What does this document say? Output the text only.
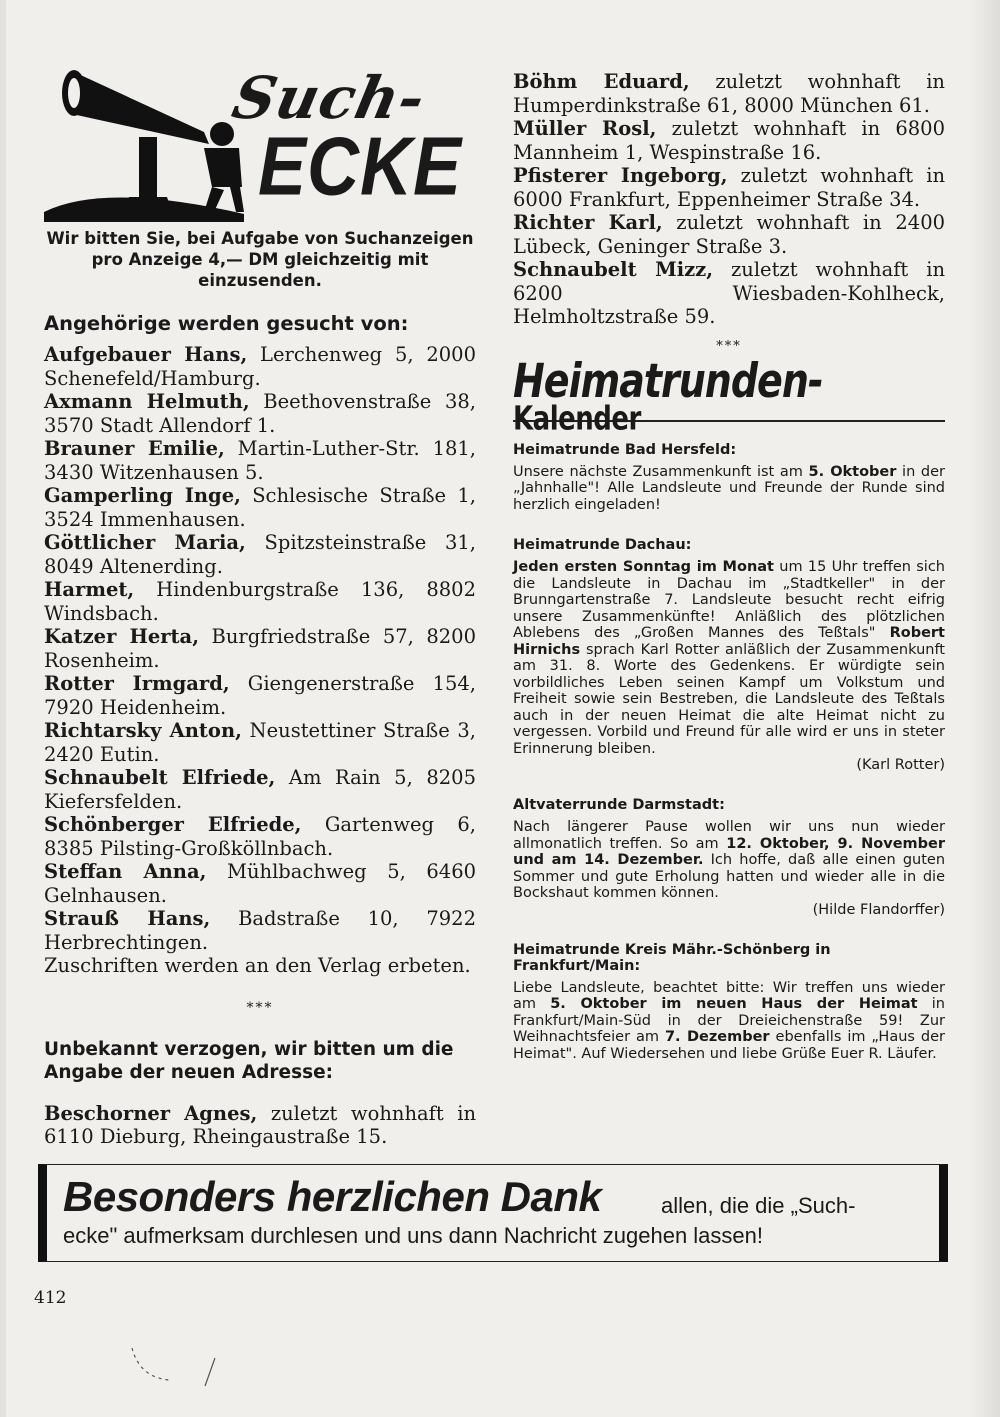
Such-
ECKE

Wir bitten Sie, bei Aufgabe von Suchanzeigen pro Anzeige 4,— DM gleichzeitig mit einzusenden.

Angehörige werden gesucht von:

Aufgebauer Hans, Lerchenweg 5, 2000 Schenefeld/Hamburg.

Axmann Helmuth, Beethovenstraße 38, 3570 Stadt Allendorf 1.

Brauner Emilie, Martin-Luther-Str. 181, 3430 Witzenhausen 5.

Gamperling Inge, Schlesische Straße 1, 3524 Immenhausen.

Göttlicher Maria, Spitzsteinstraße 31, 8049 Altenerding.

Harmet, Hindenburgstraße 136, 8802 Windsbach.

Katzer Herta, Burgfriedstraße 57, 8200 Rosenheim.

Rotter Irmgard, Giengenerstraße 154, 7920 Heidenheim.

Richtarsky Anton, Neustettiner Straße 3, 2420 Eutin.

Schnaubelt Elfriede, Am Rain 5, 8205 Kiefersfelden.

Schönberger Elfriede, Gartenweg 6, 8385 Pilsting-Großköllnbach.

Steffan Anna, Mühlbachweg 5, 6460 Gelnhausen.

Strauß Hans, Badstraße 10, 7922 Herbrechtingen.

Zuschriften werden an den Verlag erbeten.

***
Unbekannt verzogen, wir bitten um die Angabe der neuen Adresse:

Beschorner Agnes, zuletzt wohnhaft in 6110 Dieburg, Rheingaustraße 15.

Böhm Eduard, zuletzt wohnhaft in Humperdinkstraße 61, 8000 München 61.

Müller Rosl, zuletzt wohnhaft in 6800 Mannheim 1, Wespinstraße 16.

Pfisterer Ingeborg, zuletzt wohnhaft in 6000 Frankfurt, Eppenheimer Straße 34.

Richter Karl, zuletzt wohnhaft in 2400 Lübeck, Geninger Straße 3.

Schnaubelt Mizz, zuletzt wohnhaft in 6200 Wiesbaden-Kohlheck, Helmholtzstraße 59.

***
Heimatrunden-Kalender
Heimatrunde Bad Hersfeld:

Unsere nächste Zusammenkunft ist am 5. Oktober in der „Jahnhalle"! Alle Landsleute und Freunde der Runde sind herzlich eingeladen!

Heimatrunde Dachau:

Jeden ersten Sonntag im Monat um 15 Uhr treffen sich die Landsleute in Dachau im „Stadtkeller" in der Brunngartenstraße 7. Landsleute besucht recht eifrig unsere Zusammenkünfte! Anläßlich des plötzlichen Ablebens des „Großen Mannes des Teßtals" Robert Hirnichs sprach Karl Rotter anläßlich der Zusammenkunft am 31. 8. Worte des Gedenkens. Er würdigte sein vorbildliches Leben seinen Kampf um Volkstum und Freiheit sowie sein Bestreben, die Landsleute des Teßtals auch in der neuen Heimat die alte Heimat nicht zu vergessen. Vorbild und Freund für alle wird er uns in steter Erinnerung bleiben.

(Karl Rotter)

Altvaterrunde Darmstadt:

Nach längerer Pause wollen wir uns nun wieder allmonatlich treffen. So am 12. Oktober, 9. November und am 14. Dezember. Ich hoffe, daß alle einen guten Sommer und gute Erholung hatten und wieder alle in die Bockshaut kommen können.

(Hilde Flandorffer)

Heimatrunde Kreis Mähr.-Schönberg in Frankfurt/Main:

Liebe Landsleute, beachtet bitte: Wir treffen uns wieder am 5. Oktober im neuen Haus der Heimat in Frankfurt/Main-Süd in der Dreieichenstraße 59! Zur Weihnachtsfeier am 7. Dezember ebenfalls im „Haus der Heimat". Auf Wiedersehen und liebe Grüße Euer R. Läufer.

Besonders herzlichen Dank	allen, die die „Such-
ecke" aufmerksam durchlesen und uns dann Nachricht zugehen lassen!
412
